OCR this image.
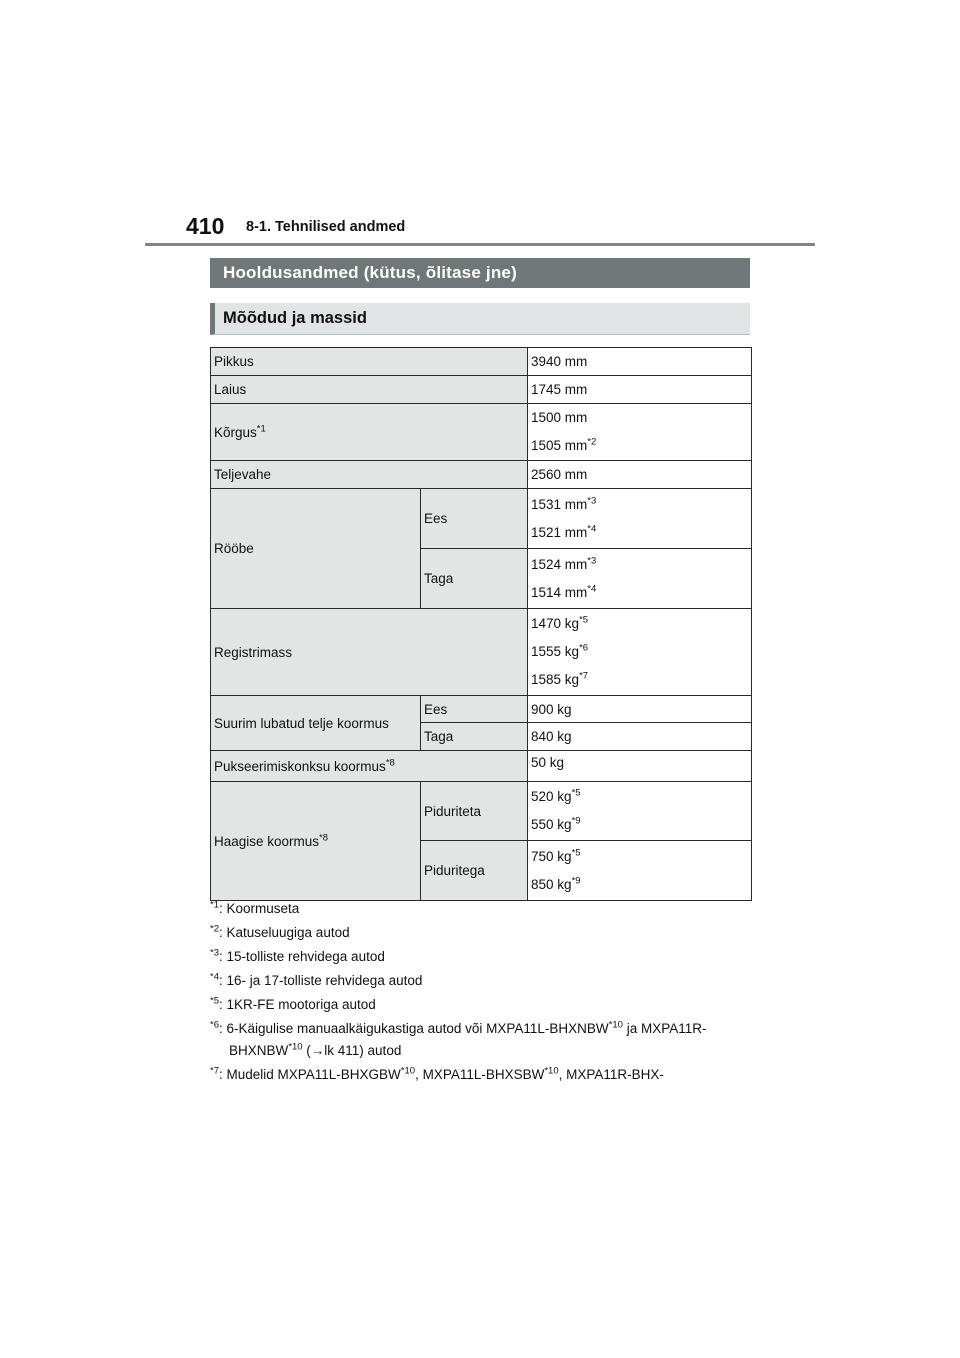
410 8-1. Tehnilised andmed
Hooldusandmed (kütus, õlitase jne)
Mõõdud ja massid
Pikkus		3940 mm
Laius		1745 mm
Kõrgus$^{*1}$		1500 mm
1505 $mm^{*2}$

Teljevahe		2560 mm
Rööbe	Ees	1531 $mm^{*3}$
1521 $mm^{*4}$

	Taga	1524 $mm^{*3}$
1514 $mm^{*4}$

Registrimass		1470 $kg^{*5}$
1555 $kg^{*6}$
1585 $kg^{*7}$

Suurim lubatud telje koormus	Ees	900 kg
	Taga	840 kg
Pukseerimiskonksu koormus$^{*8}$		50 kg
Haagise koormus$^{*8}$	Piduriteta	520 $kg^{*5}$
550 $kg^{*9}$

	Piduritega	750 $kg^{*5}$
850 $kg^{*9}$
$^{*1}$: Koormuseta
$^{*2}$: Katuseluugiga autod
$^{*3}$: 15-tolliste rehvidega autod
$^{*4}$: 16- ja 17-tolliste rehvidega autod
$^{*5}$: 1KR-FE mootoriga autod
$^{*6}$: 6-Käigulise manuaalkäigukastiga autod või MXPA11L-BHXNBW$^{*10}$ ja MXPA11R-
BHXNBW$^{*10}$ (→lk 411) autod
$^{*7}$: Mudelid MXPA11L-BHXGBW$^{*10}$, MXPA11L-BHXSBW$^{*10}$, MXPA11R-BHX-
